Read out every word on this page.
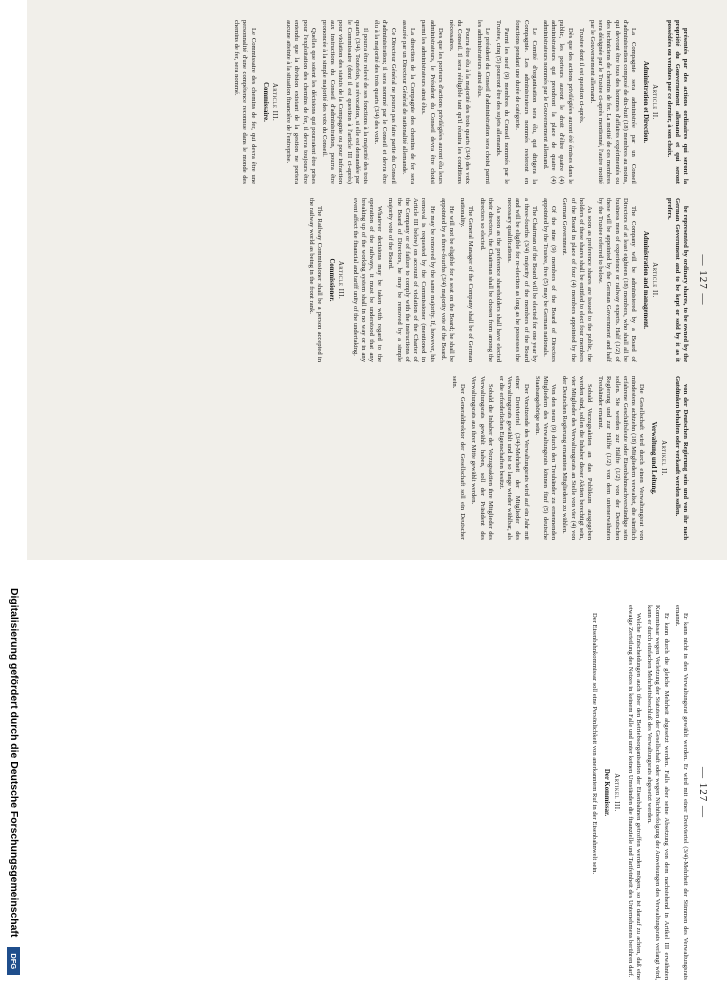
— 127 —

présentés par des actions ordinaires qui seront la propriété du Gouvernement allemand et qui seront possédées ou vendues par ce dernier, à son choix.

Article II.
Administration et Direction.

La Compagnie sera administrée par un Conseil d'administration composé de dix-huit (18) membres au moins, qui devront être tous des hommes d'affaires expérimentés ou des techniciens de chemins de fer. La moitié de ces membres sera désignée par le Trustee ci-après mentionné, l'autre moitié par le Gouvernement allemand.

Trustee dont il est question ci-après.

Dès que des actions privilégiées auront été émises dans le public, les porteurs auront le droit d'élire quatre (4) administrateurs qui prendront la place de quatre (4) administrateurs nommés par le Gouvernement allemand.

Le Comité d'organisation sera élu, qui dirigera la Compagnie. Les administrateurs nommés resteront en fonctions pendant une durée de catégorie.

Parmi les neuf (9) membres du Conseil nommés par le Trustee, cinq (5) pourront être des sujets allemands.

Le président du Conseil d'administration sera choisi parmi les administrateurs ainsi élus.

Pourra être élu à la majorité des trois quarts (3/4) des voix du Conseil. Il sera rééligible tant qu'il réunira les conditions nécessaires.

Des que les porteurs d'actions privilégiées auront élu leurs administrateurs, le Président du Conseil devra être choisi parmi les administrateurs ainsi élus.

La direction de la Compagnie des chemins de fer sera assurée par un Directeur Général de nationalité allemande.

Ce Directeur Général ne pourra pas faire partie du Conseil d'administration; il sera nommé par le Conseil et devra être élu à la majorité des trois quarts (3/4) des voix.

Il pourra être relevé de ses fonctions à la majorité des trois quarts (3/4). Toutefois, sa révocation, si elle est demandée par le Commissaire (dont il est question à l'article III ci-après) pour violation des statuts de la Compagnie ou pour infraction aux instructions du Conseil d'administration, pourra être prononcée à la simple majorité des voix du Conseil.

Quelles que soient les décisions qui pourraient être prises pour l'exploitation des chemins de fer, il devra toujours être entendu que la division existant de la gestion ne portera aucune atteinte à la situation financière de l'entreprise.

Article III.
Commissaire.

Le Commissaire des chemins de fer, qui devra être une personnalité d'une compétence reconnue dans le monde des chemins de fer, sera nommé.

be represented by ordinary shares, to be owned by the German Government and to be kept or sold by it as it prefers.

Article II.
Administration and management.

The Company will be administered by a Board of Directors of at least eighteen (18) members, who shall all be business men of experience or railway experts. Half (1/2) of these will be appointed by the German Government and half by the Trustee referred to below.

As soon as preference shares are issued to the public, the holders of these shares shall be entitled to elect four members of the Board in place of four (4) members appointed by the German Government.

Of the nine (9) members of the Board of Directors appointed by the Trustee, five (5) may be German nationals.

The Chairman of the Board will be elected for one year by a three-fourths (3/4) majority of the members of the Board and will be eligible for re-election as long as he possesses the necessary qualifications.

As soon as the preference shareholders shall have elected their directors, the Chairman shall be chosen from among the directors so elected.

The General Manager of the Company shall be of German nationality.

He will not be eligible for a seat on the Board; he shall be appointed by a three-fourths (3/4) majority vote of the Board.

He may be removed by the same majority. If, however, his removal is requested by the Commissioner (mentioned in Article III below) on account of violation of the Charter of the Company or of failure to comply with the instructions of the Board of Directors, he may be removed by a simple majority vote of the Board.

Whatever decisions may be taken with regard to the operation of the railways, it must be understood that any breaking up of the working system shall in no way or in any event affect the financial and tariff unity of the undertaking.

Article III.
Commissioner.

The Railway Commissioner shall be a person accepted in the railway world as being in the front rank.

von der Deutschen Regierung sein und von ihr nach Gutdünken behalten oder verkauft werden sollen.

Artikel II.
Verwaltung und Leitung.

Die Gesellschaft wird durch einen Verwaltungsrat von mindestens achtzehn (18) Mitgliedern verwaltet, die sämtlich erfahrene Geschäftsleute oder Eisenbahnsachverständige sein sollen. Sie werden zur Hälfte (1/2) von der Deutschen Regierung und zur Hälfte (1/2) von dem untenerwähnten Treuhänder ernannt.

Sobald Vorzugsaktien an das Publikum ausgegeben werden sind, sollen die Inhaber dieser Aktien berechtigt sein, vier Mitglieder des Verwaltungsrats an Stelle von vier (4) von der Deutschen Regierung ernannten Mitgliedern zu wählen.

Von den neun (9) durch den Treuhänder zu ernennenden Mitgliedern des Verwaltungsrats können fünf (5) deutsche Staatsangehörige sein.

Der Vorsitzende des Verwaltungsrats wird auf ein Jahr mit einer Dreiviertel (3/4)-Mehrheit der Mitglieder des Verwaltungsrats gewählt und ist so lange wieder wählbar, als er die erforderlichen Eigenschaften besitzt.

Sobald die Inhaber der Vorzugsaktien ihre Mitglieder des Verwaltungsrats gewählt haben, soll der Präsident des Verwaltungsrats aus ihrer Mitte gewählt werden.

Der Generaldirektor der Gesellschaft soll ein Deutscher sein.

— 127 —

Er kann nicht in den Verwaltungsrat gewählt werden. Er wird mit einer Dreiviertel (3/4)-Mehrheit der Stimmen des Verwaltungsrats ernannt.

Er kann durch die gleiche Mehrheit abgesetzt werden. Falls aber seine Absetzung von dem nachstehend in Artikel III erwähnten Kommissar wegen Verletzung der Statuten der Gesellschaft oder wegen Nichtbefolgung der Anweisungen des Verwaltungsrats verlangt wird, kann er durch einfachen Mehrheitsbeschluß des Verwaltungsrats abgesetzt werden.

Welche Entscheidungen auch über den Betriebsorganisation der Eisenbahnen getroffen werden mögen, so ist darauf zu achten, daß eine etwaige Zerteilung des Netzes in keinem Falle und unter keinen Umständen die finanzielle und Tarifeinheit des Unternehmens berühren darf.

Artikel III.
Der Kommissar.

Der Eisenbahnkommissar soll eine Persönlichkeit von anerkanntem Ruf in der Eisenbahnwelt sein.

Digitalisierung gefördert durch die Deutsche Forschungsgemeinschaft
DFG
